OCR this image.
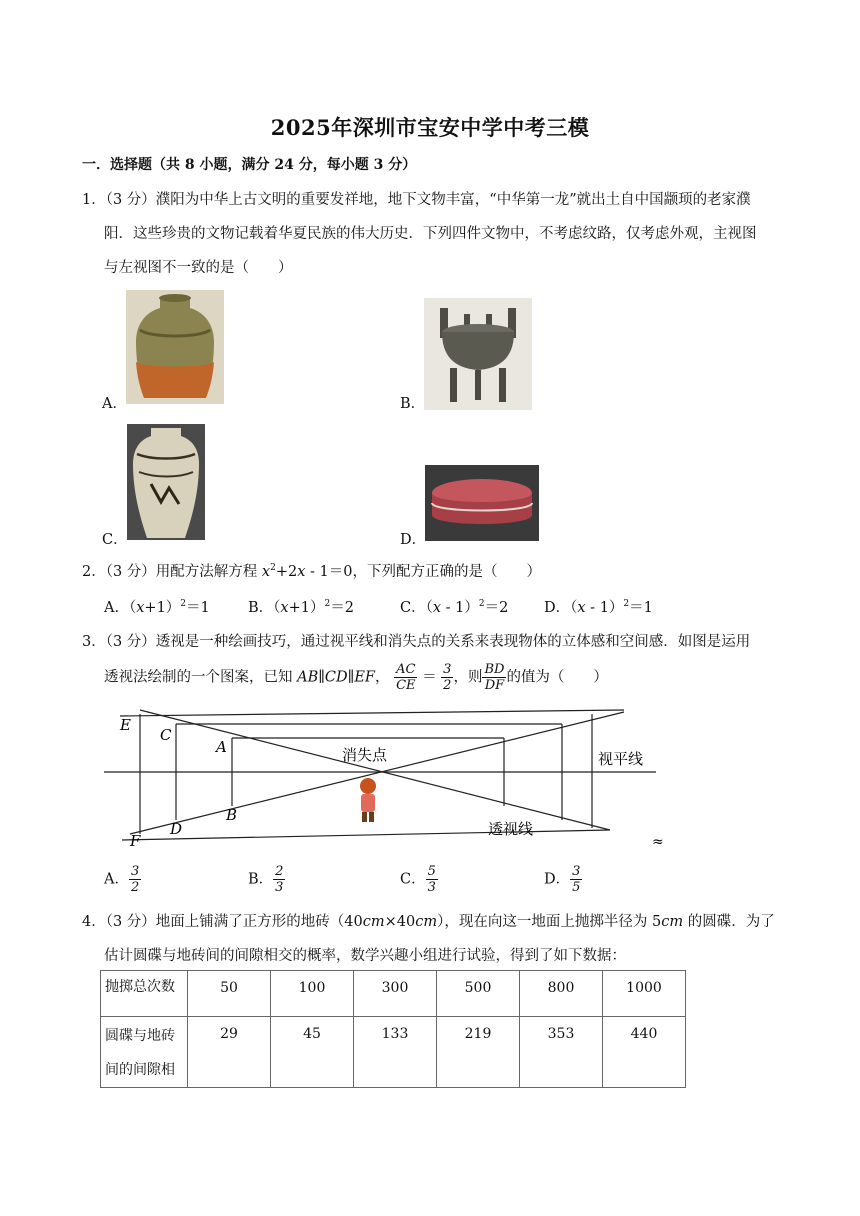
2025年深圳市宝安中学中考三模
一．选择题（共 8 小题，满分 24 分，每小题 3 分）
1．（3 分）濮阳为中华上古文明的重要发祥地，地下文物丰富，“中华第一龙”就出土自中国颛顼的老家濮
阳．这些珍贵的文物记载着华夏民族的伟大历史．下列四件文物中，不考虑纹路，仅考虑外观，主视图
与左视图不一致的是（　　）
A．	B．
C．	D．
2．（3 分）用配方法解方程 $x^2+2x - 1=0$，下列配方正确的是（　　）
A．$(x+1)^2=1$	B．$(x+1)^2=2$	C．（x - 1）$^2$＝2 D．（x - 1）$^2$＝1
3．（3 分）透视是一种绘画技巧，通过视平线和消失点的关系来表现物体的立体感和空间感．如图是运用
透视法绘制的一个图案，已知 AB∥CD∥EF， $\frac{AC}{CE} = \frac{3}{2}$ ，则 $\frac{BD}{DF}$ 的值为（　　）
E
C
A
F
D
B
消失点	视平线
透视线
≈
A． $\frac{3}{2}$	B． $\frac{2}{3}$	C． $\frac{5}{3}$	D． $\frac{3}{5}$
4．（3 分）地面上铺满了正方形的地砖（40cm×40cm），现在向这一地面上抛掷半径为 5cm 的圆碟．为了
估计圆碟与地砖间的间隙相交的概率，数学兴趣小组进行试验，得到了如下数据：
抛掷总次数	50	100	300	500	800	1000

圆碟与地砖
间的间隙相	29	45	133	219	353	440
